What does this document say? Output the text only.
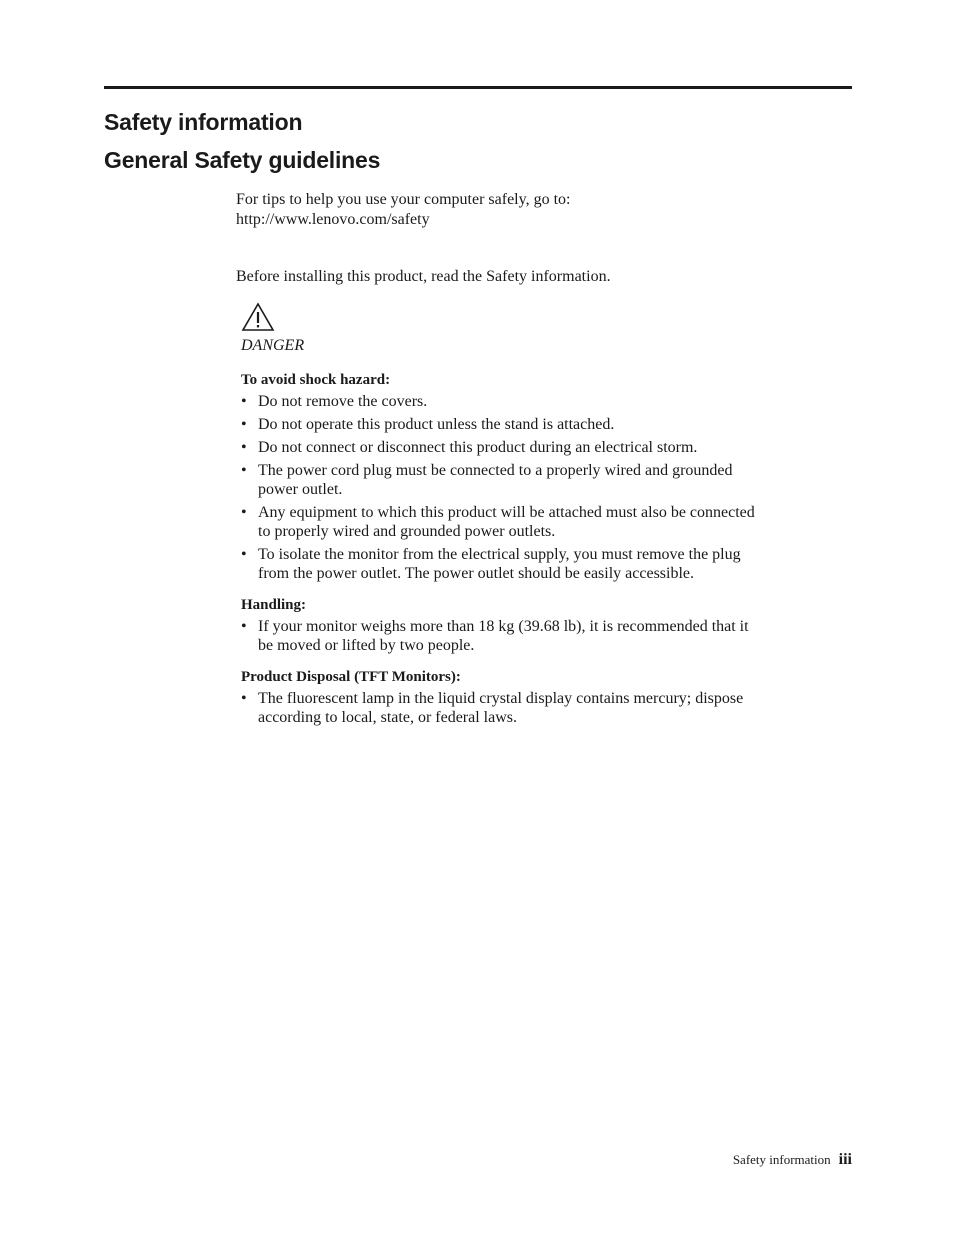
Safety information
General Safety guidelines

For tips to help you use your computer safely, go to:

http://www.lenovo.com/safety

Before installing this product, read the Safety information.

DANGER

To avoid shock hazard:

• Do not remove the covers.
• Do not operate this product unless the stand is attached.
• Do not connect or disconnect this product during an electrical storm.
• The power cord plug must be connected to a properly wired and grounded power outlet.
• Any equipment to which this product will be attached must also be connected to properly wired and grounded power outlets.
• To isolate the monitor from the electrical supply, you must remove the plug from the power outlet. The power outlet should be easily accessible.

Handling:

• If your monitor weighs more than 18 kg (39.68 lb), it is recommended that it be moved or lifted by two people.

Product Disposal (TFT Monitors):

• The fluorescent lamp in the liquid crystal display contains mercury; dispose according to local, state, or federal laws.
Safety information iii
